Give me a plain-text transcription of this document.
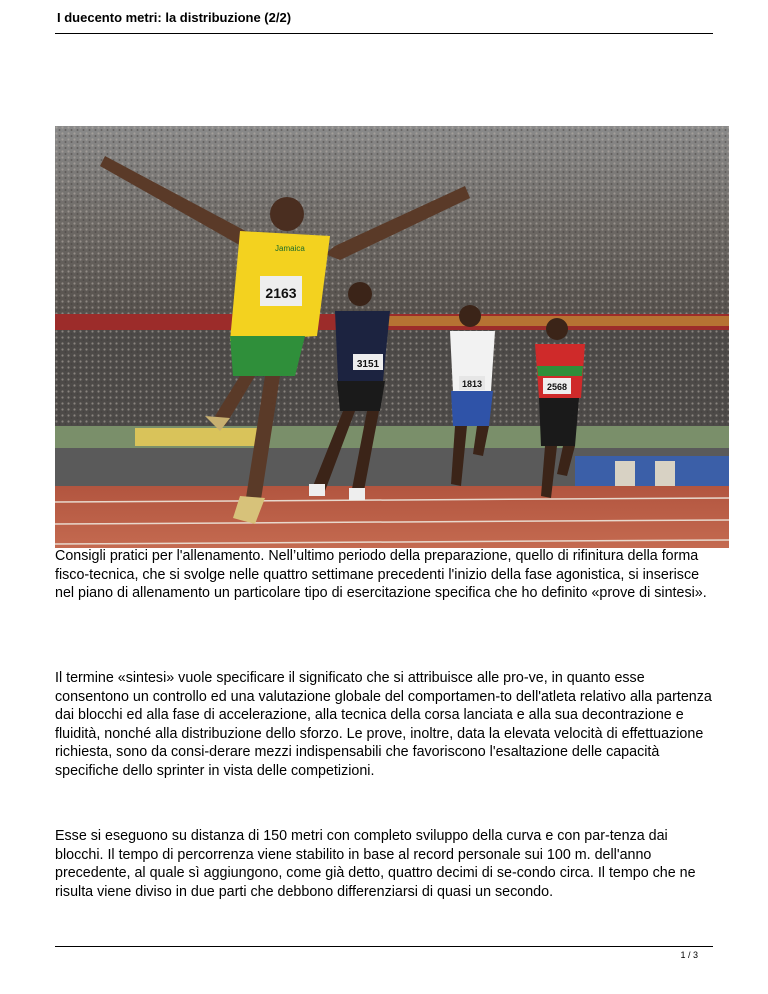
I duecento metri: la distribuzione (2/2)
2163
Jamaica
3151
1813	2568
Consigli pratici per l'allenamento. Nell’ultimo periodo della preparazione, quello di rifinitura della forma fisco-tecnica, che si svolge nelle quattro settimane precedenti l'inizio della fase agonistica, si inserisce nel piano di allenamento un particolare tipo di esercitazione specifica che ho definito «prove di sintesi».
Il termine «sintesi» vuole specificare il significato che si attribuisce alle pro-ve, in quanto esse consentono un controllo ed una valutazione globale del comportamen-to dell'atleta relativo alla partenza dai blocchi ed alla fase di accelerazione, alla tecnica della corsa lanciata e alla sua decontrazione e fluidità, nonché alla distribuzione dello sforzo. Le prove, inoltre, data la elevata velocità di effettuazione richiesta, sono da consi-derare mezzi indispensabili che favoriscono l'esaltazione delle capacità specifiche dello sprinter in vista delle competizioni.
Esse si eseguono su distanza di 150 metri con completo sviluppo della curva e con par-tenza dai blocchi. Il tempo di percorrenza viene stabilito in base al record personale sui 100 m. dell'anno precedente, al quale sì aggiungono, come già detto, quattro decimi di se-condo circa. Il tempo che ne risulta viene diviso in due parti che debbono differenziarsi di quasi un secondo.
1 / 3
